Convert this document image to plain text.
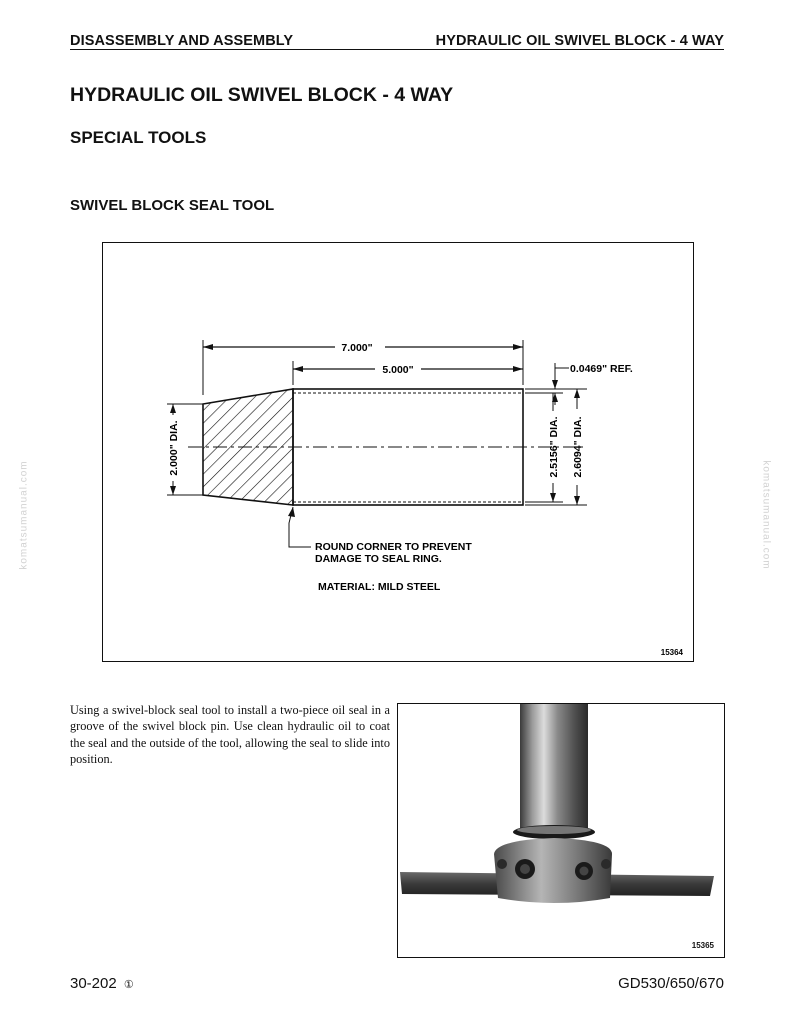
DISASSEMBLY AND ASSEMBLY	HYDRAULIC OIL SWIVEL BLOCK - 4 WAY
HYDRAULIC OIL SWIVEL BLOCK - 4 WAY
SPECIAL TOOLS
SWIVEL BLOCK SEAL TOOL
komatsumanual.com	komatsumanual.com
7.000"
5.000"	0.0469" REF.
2.5156" DIA. 2.6094" DIA.
2.000" DIA.
ROUND CORNER TO PREVENT
DAMAGE TO SEAL RING.
MATERIAL: MILD STEEL
15364
Using a swivel-block seal tool to install a two-piece oil seal in a groove of the swivel block pin. Use clean hydraulic oil to coat the seal and the outside of the tool, allowing the seal to slide into position.
15365
30-202 ①	GD530/650/670
